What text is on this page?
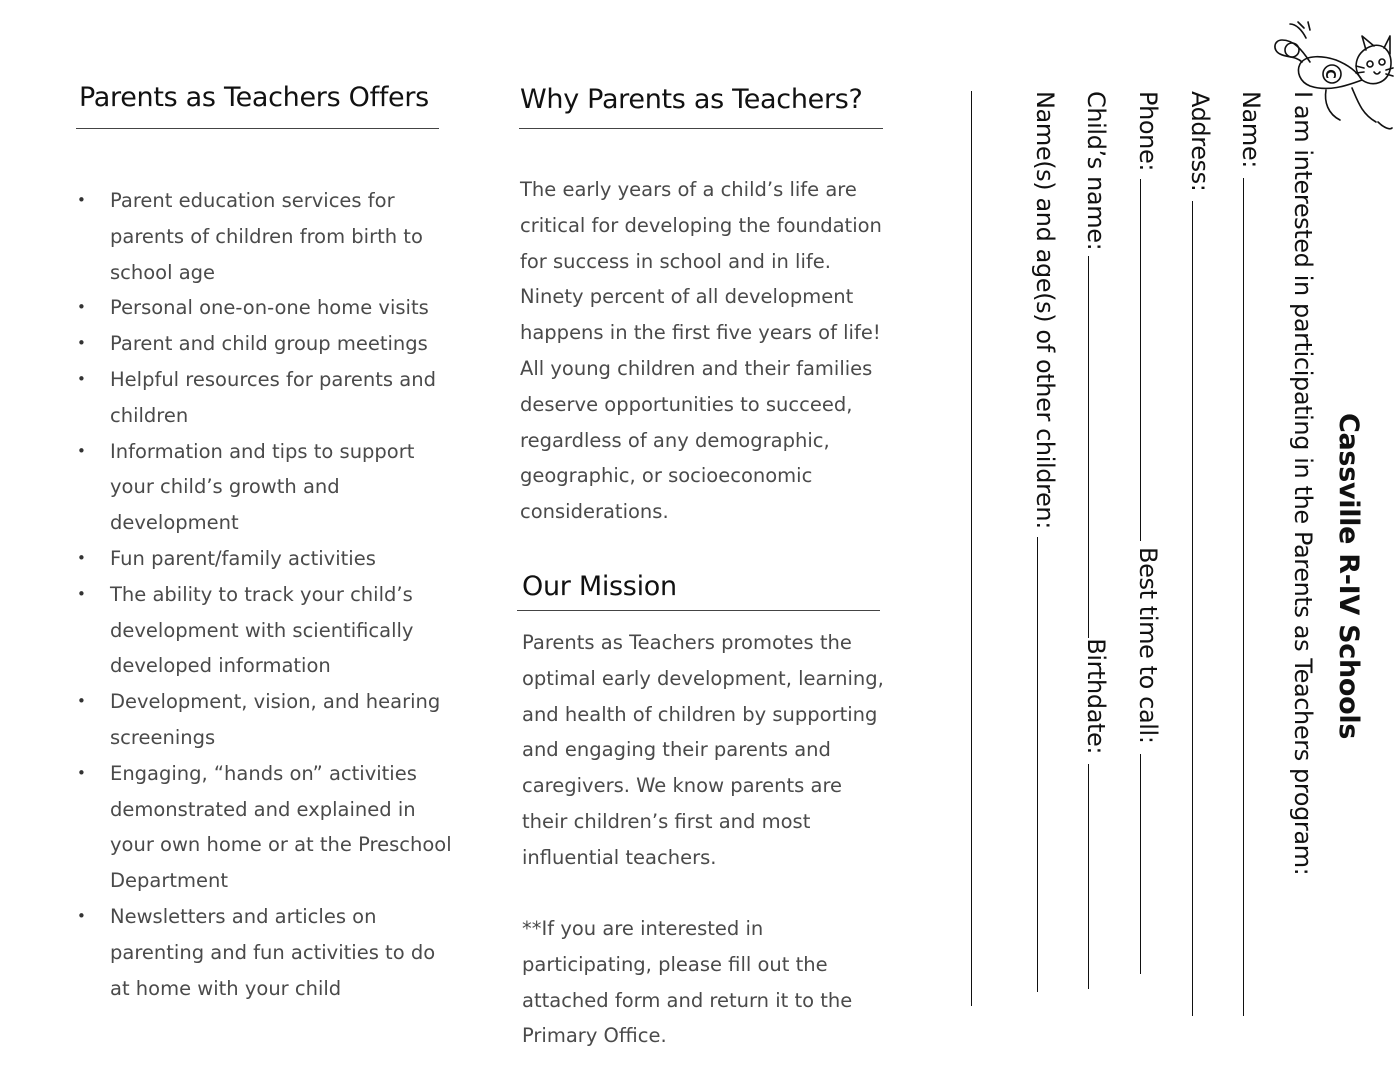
Parents as Teachers Offers
• Parent education services for parents of children from birth to school age
• Personal one-on-one home visits
• Parent and child group meetings
• Helpful resources for parents and children
• Information and tips to support your child’s growth and development
• Fun parent/family activities
• The ability to track your child’s development with scientifically developed information
• Development, vision, and hearing screenings
• Engaging, “hands on” activities demonstrated and explained in your own home or at the Preschool Department
• Newsletters and articles on parenting and fun activities to do at home with your child
Why Parents as Teachers?

The early years of a child’s life are critical for developing the foundation for success in school and in life. Ninety percent of all development happens in the first five years of life! All young children and their families deserve opportunities to succeed, regardless of any demographic, geographic, or socioeconomic considerations.

Our Mission

Parents as Teachers promotes the optimal early development, learning, and health of children by supporting and engaging their parents and caregivers. We know parents are their children’s first and most influential teachers.

**If you are interested in participating, please fill out the attached form and return it to the Primary Office.

Cassville R-IV Schools
I am interested in participating in the Parents as Teachers program:
Name:
Address:
Phone:
Best time to call:
Child’s name:
Birthdate:
Name(s) and age(s) of other children:
C
